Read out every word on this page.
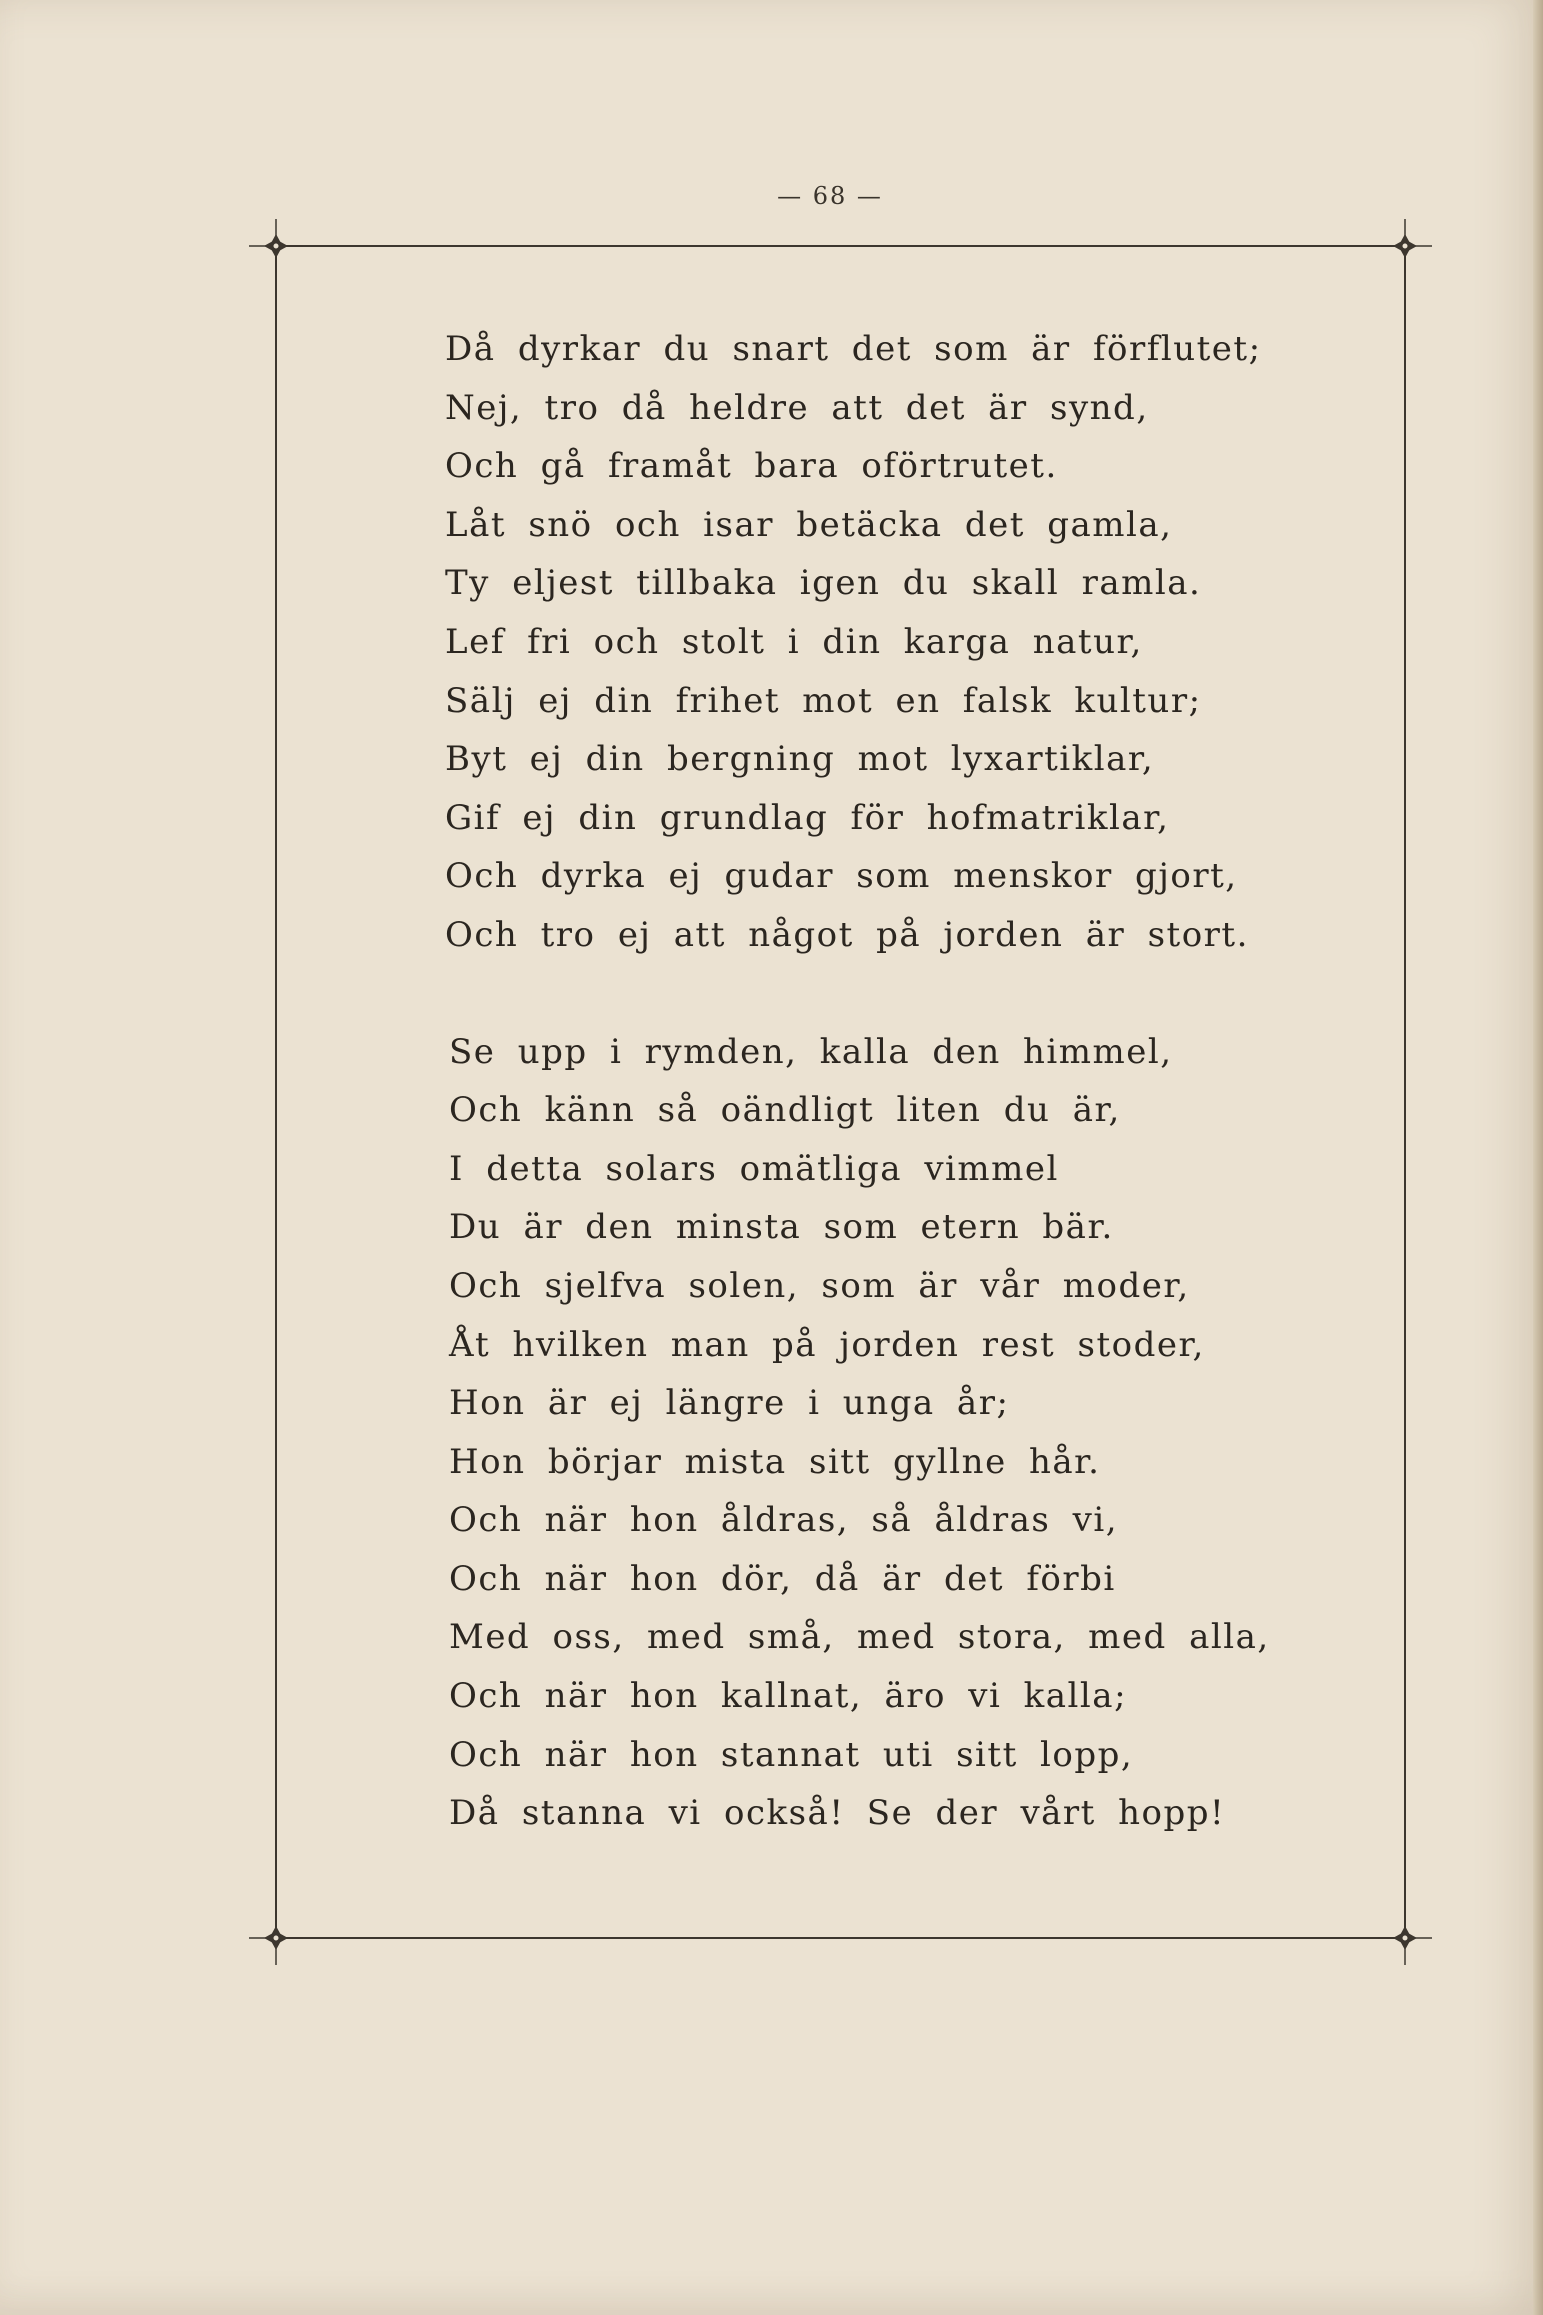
— 68 —
Då dyrkar du snart det som är förflutet;
Nej, tro då heldre att det är synd,
Och gå framåt bara oförtrutet.
Låt snö och isar betäcka det gamla,
Ty eljest tillbaka igen du skall ramla.
Lef fri och stolt i din karga natur,
Sälj ej din frihet mot en falsk kultur;
Byt ej din bergning mot lyxartiklar,
Gif ej din grundlag för hofmatriklar,
Och dyrka ej gudar som menskor gjort,
Och tro ej att något på jorden är stort.
Se upp i rymden, kalla den himmel,
Och känn så oändligt liten du är,
I detta solars omätliga vimmel
Du är den minsta som etern bär.
Och sjelfva solen, som är vår moder,
Åt hvilken man på jorden rest stoder,
Hon är ej längre i unga år;
Hon börjar mista sitt gyllne hår.
Och när hon åldras, så åldras vi,
Och när hon dör, då är det förbi
Med oss, med små, med stora, med alla,
Och när hon kallnat, äro vi kalla;
Och när hon stannat uti sitt lopp,
Då stanna vi också! Se der vårt hopp!
